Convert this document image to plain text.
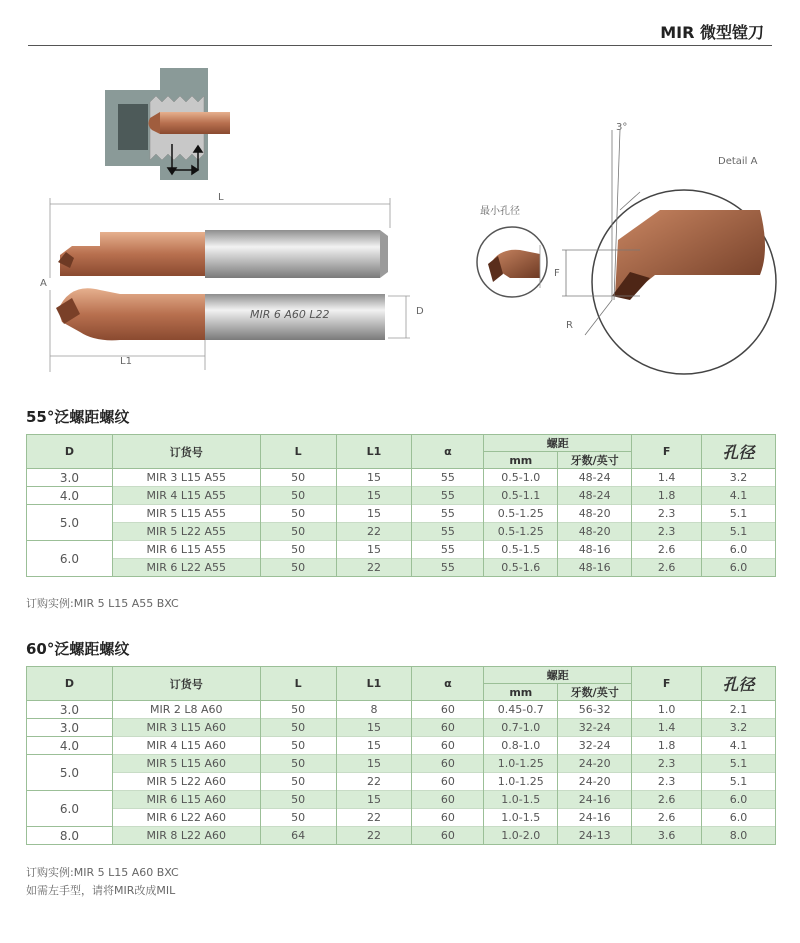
MIR 微型镗刀
L
A
L1
D
MIR 6 A60 L22
最小孔径
Detail A
F
R
3°
55°泛螺距螺纹
D	订货号	L	L1	α	螺距		F	孔径
					mm	牙数/英寸		
3.0	MIR 3 L15 A55	50	15	55	0.5-1.0	48-24	1.4	3.2
4.0	MIR 4 L15 A55	50	15	55	0.5-1.1	48-24	1.8	4.1
5.0	MIR 5 L15 A55	50	15	55	0.5-1.25	48-20	2.3	5.1
	MIR 5 L22 A55	50	22	55	0.5-1.25	48-20	2.3	5.1
6.0	MIR 6 L15 A55	50	15	55	0.5-1.5	48-16	2.6	6.0
	MIR 6 L22 A55	50	22	55	0.5-1.6	48-16	2.6	6.0
订购实例:MIR 5 L15 A55 BXC
60°泛螺距螺纹
D	订货号	L	L1	α	螺距		F	孔径
					mm	牙数/英寸		
3.0	MIR 2 L8 A60	50	8	60	0.45-0.7	56-32	1.0	2.1
3.0	MIR 3 L15 A60	50	15	60	0.7-1.0	32-24	1.4	3.2
4.0	MIR 4 L15 A60	50	15	60	0.8-1.0	32-24	1.8	4.1
5.0	MIR 5 L15 A60	50	15	60	1.0-1.25	24-20	2.3	5.1
	MIR 5 L22 A60	50	22	60	1.0-1.25	24-20	2.3	5.1
6.0	MIR 6 L15 A60	50	15	60	1.0-1.5	24-16	2.6	6.0
	MIR 6 L22 A60	50	22	60	1.0-1.5	24-16	2.6	6.0
8.0	MIR 8 L22 A60	64	22	60	1.0-2.0	24-13	3.6	8.0
订购实例:MIR 5 L15 A60 BXC
如需左手型，请将MIR改成MIL
